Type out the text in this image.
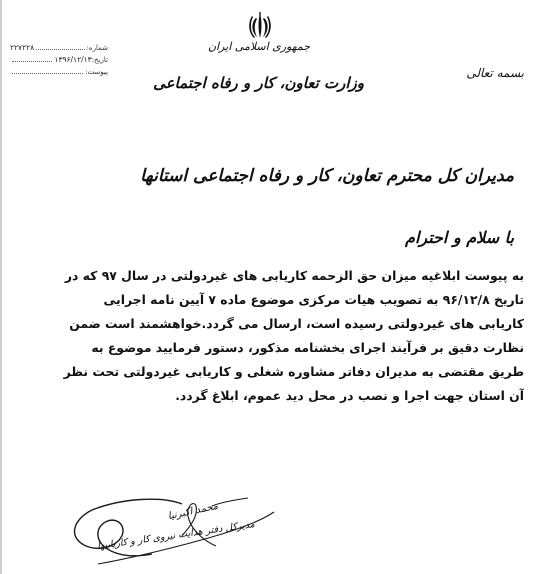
شماره:
۲۲۷۲۲۸
تاریخ:
۱۳۹۶/۱۲/۱۳
پیوست:
جمهوری اسلامی ایران
وزارت تعاون، کار و رفاه اجتماعی
بسمه تعالی
مدیران کل محترم تعاون، کار و رفاه اجتماعی استانها
با سلام و احترام
به پیوست ابلاغیه میزان حق الزحمه کاریابی های غیردولتی در سال ۹۷ که در
تاریخ ۹۶/۱۲/۸ به تصویب هیات مرکزی موضوع ماده ۷ آیین نامه اجرایی
کاریابی های غیردولتی رسیده است، ارسال می گردد.خواهشمند است ضمن
نظارت دقیق بر فرآیند اجرای بخشنامه مذکور، دستور فرمایید موضوع به
طریق مقتضی به مدیران دفاتر مشاوره شغلی و کاریابی غیردولتی تحت نظر
آن استان جهت اجرا و نصب در محل دید عموم، ابلاغ گردد.
محمد اکبرنیا
مدیرکل دفتر هدایت نیروی کار و کاریابیها
